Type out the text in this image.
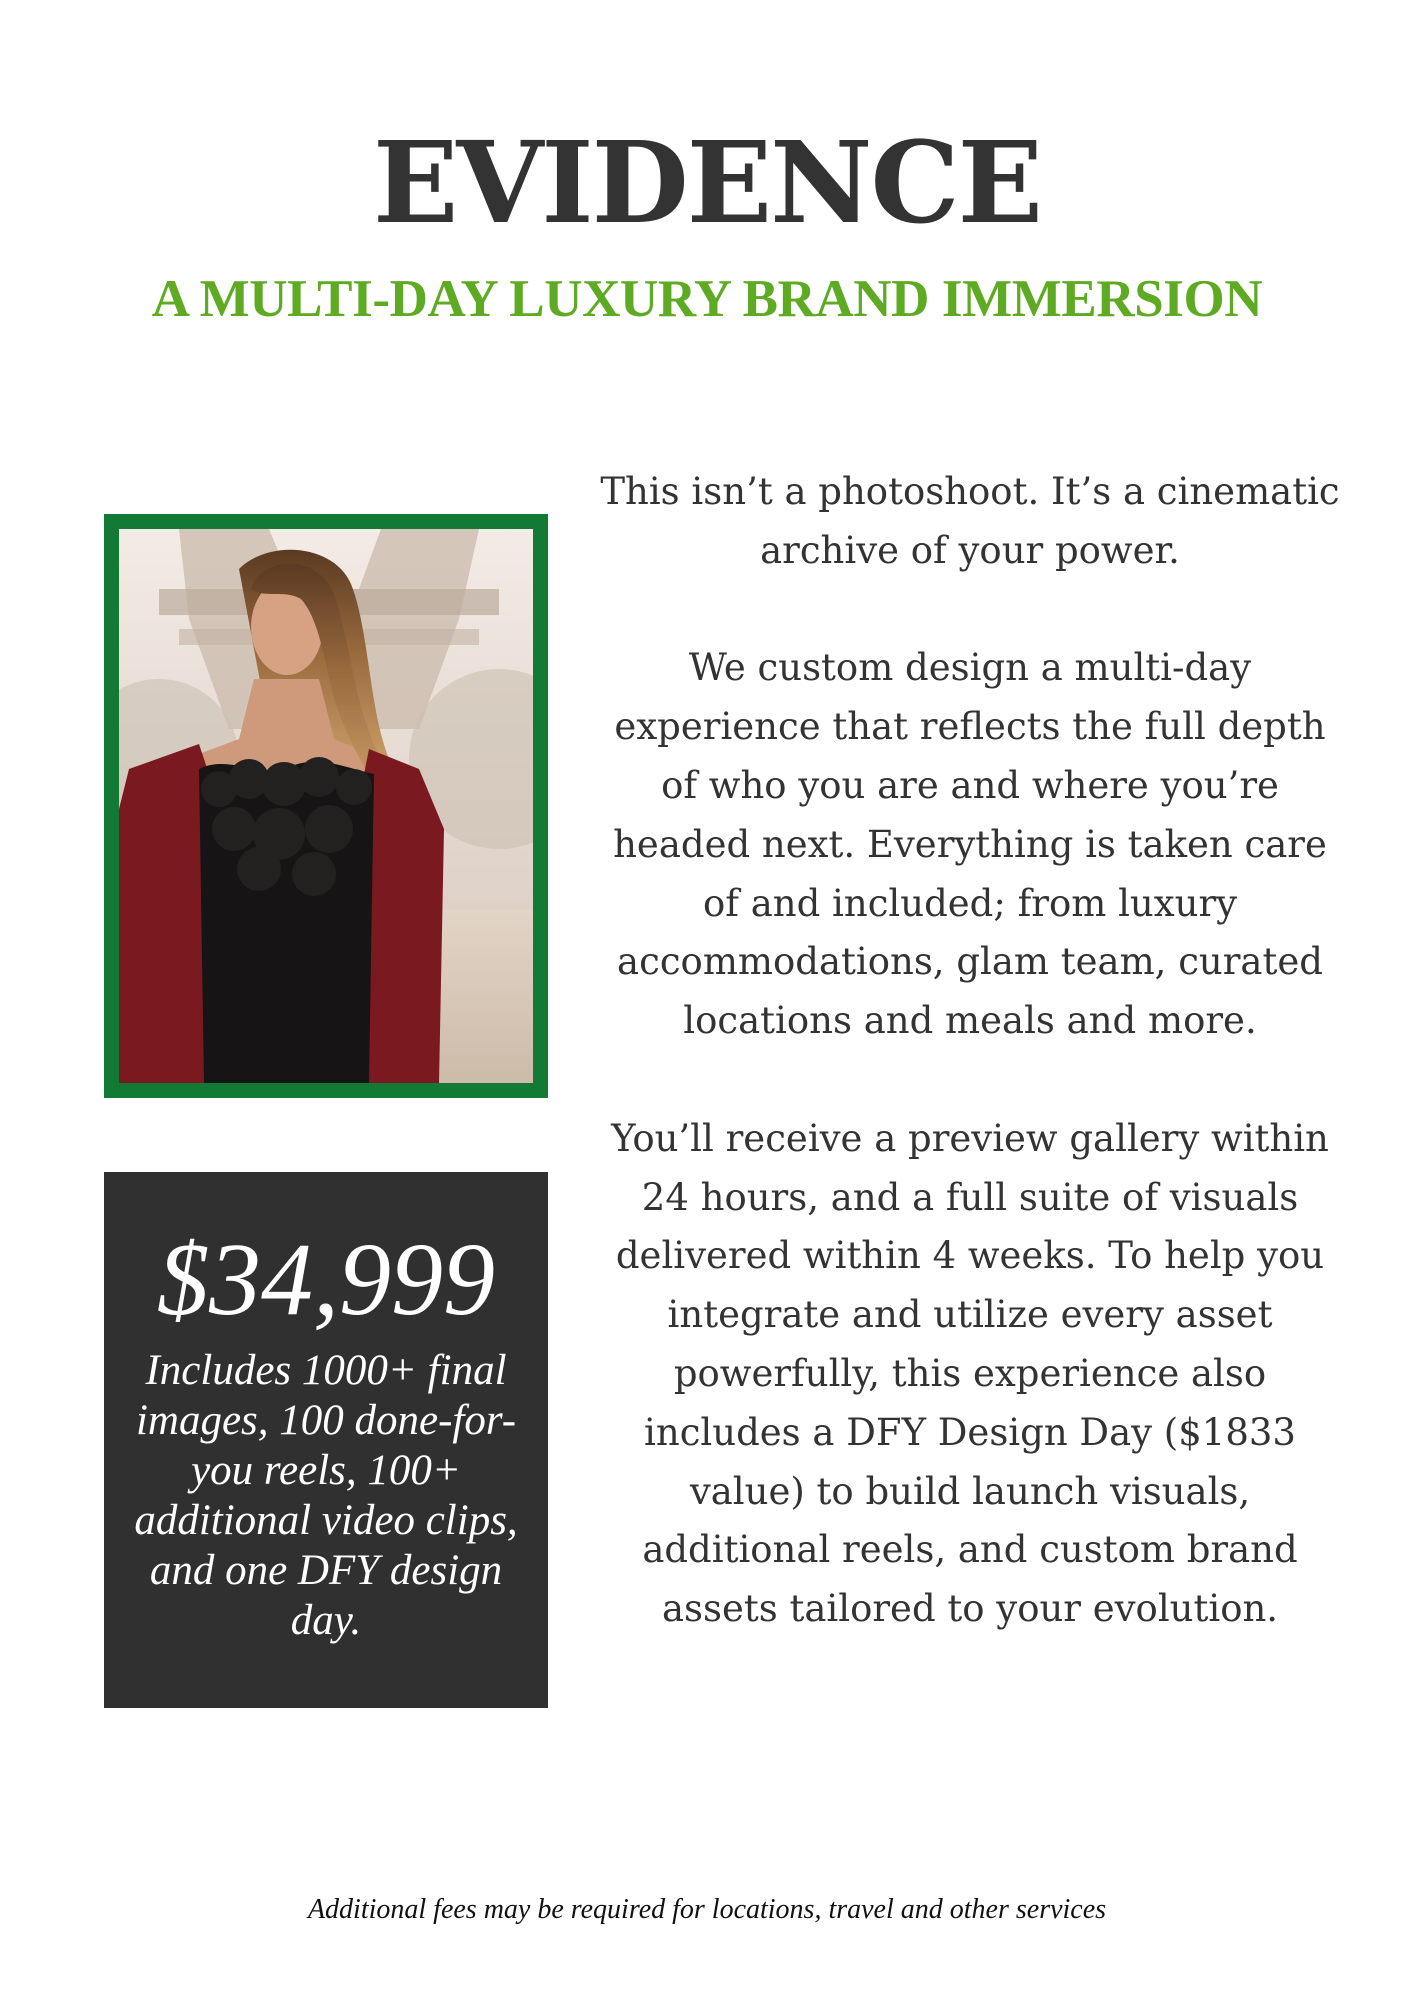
EVIDENCE
A MULTI-DAY LUXURY BRAND IMMERSION
$34,999

Includes 1000+ final images, 100 done-for-you reels, 100+ additional video clips, and one DFY design day.

This isn’t a photoshoot. It’s a cinematic archive of your power.

We custom design a multi-day experience that reflects the full depth of who you are and where you’re headed next. Everything is taken care of and included; from luxury accommodations, glam team, curated locations and meals and more.

You’ll receive a preview gallery within 24 hours, and a full suite of visuals delivered within 4 weeks. To help you integrate and utilize every asset powerfully, this experience also includes a DFY Design Day ($1833 value) to build launch visuals, additional reels, and custom brand assets tailored to your evolution.

Additional fees may be required for locations, travel and other services
